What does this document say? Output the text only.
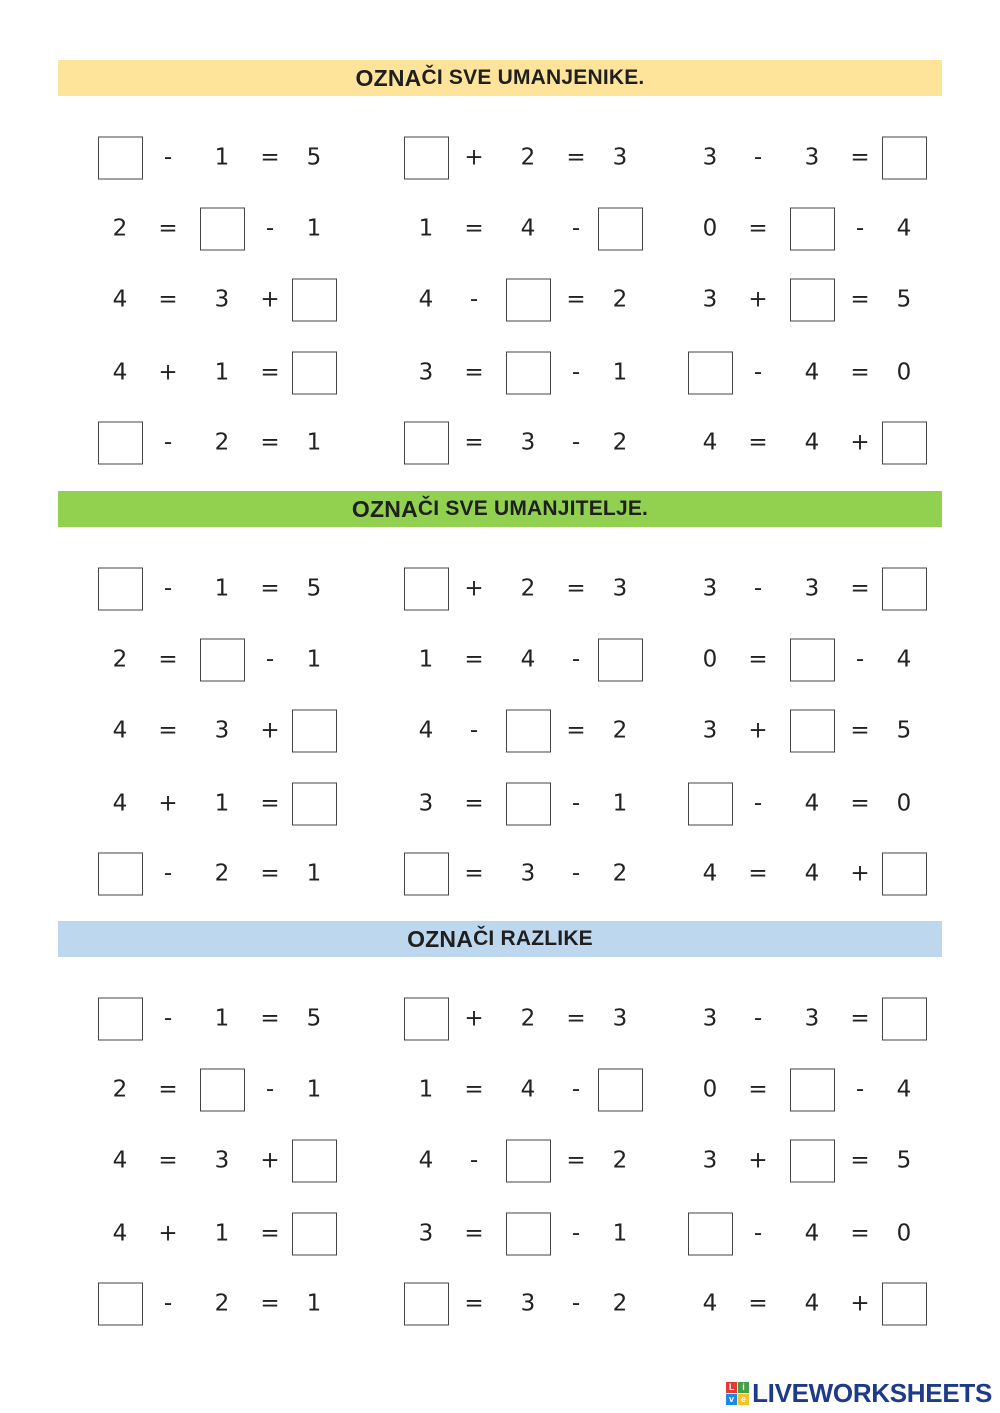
OZNA ČI SVE UMANJENIKE.
- 1 = 5	+ 2 = 3	3 - 3 =
2 =	- 1	1 = 4 -	0 =	- 4
4 = 3 +	4 -	= 2	3 +	= 5
4 + 1 =	3 =	- 1	- 4 = 0
- 2 = 1	= 3 - 2	4 = 4 +
OZNA ČI SVE UMANJITELJE.
- 1 = 5	+ 2 = 3	3 - 3 =
2 =	- 1	1 = 4 -	0 =	- 4
4 = 3 +	4 -	= 2	3 +	= 5
4 + 1 =	3 =	- 1	- 4 = 0
- 2 = 1	= 3 - 2	4 = 4 +
OZNA ČI RAZLIKE
- 1 = 5	+ 2 = 3	3 - 3 =
2 =	- 1	1 = 4 -	0 =	- 4
4 = 3 +	4 -	= 2	3 +	= 5
4 + 1 =	3 =	- 1	- 4 = 0
- 2 = 1	= 3 - 2	4 = 4 +
L i
v e LIVEWORKSHEETS
